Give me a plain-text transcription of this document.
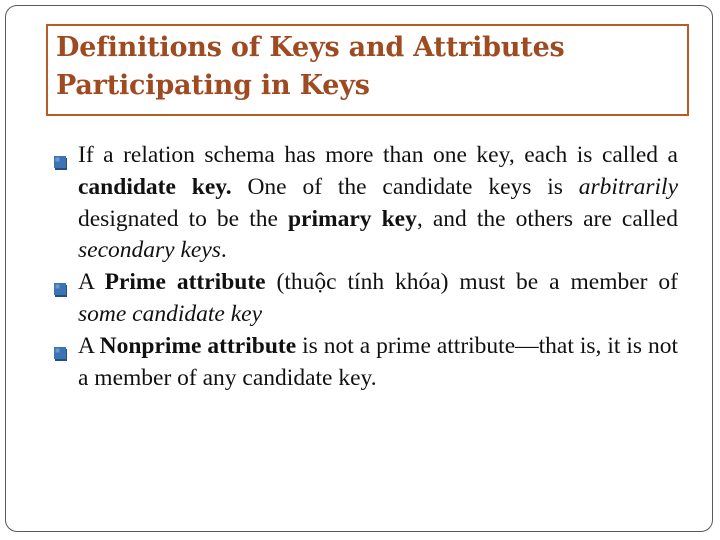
Definitions of Keys and Attributes
Participating in Keys

If a relation schema has more than one key, each is called a candidate key. One of the candidate keys is arbitrarily designated to be the primary key, and the others are called secondary keys.

A Prime attribute (thuộc tính khóa) must be a member of some candidate key

A Nonprime attribute is not a prime attribute—that is, it is not a member of any candidate key.
